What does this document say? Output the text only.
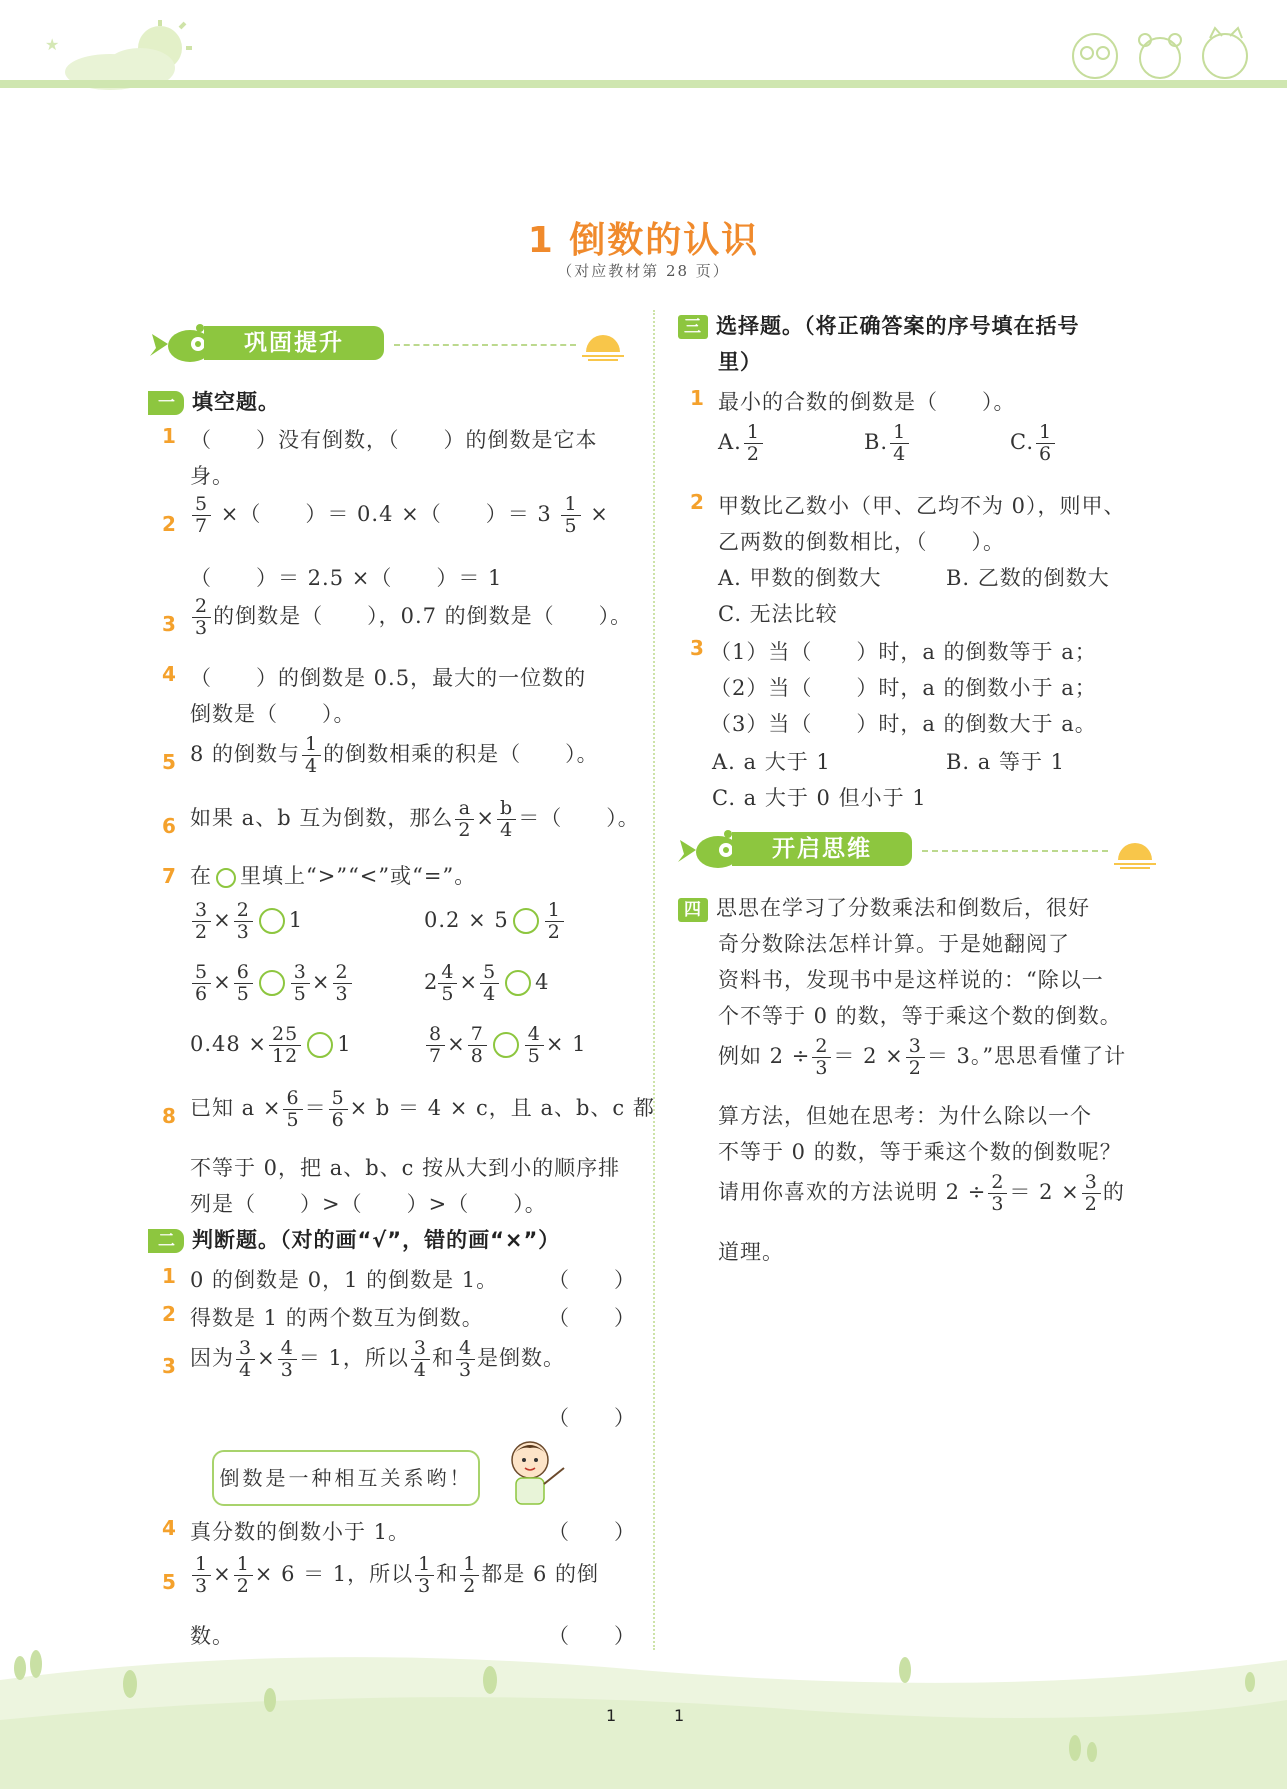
★
1 倒数的认识
（对应教材第 28 页）
巩固提升
一 填空题。
1 （　　）没有倒数，（　　）的倒数是它本
身。
$2 \frac{5}{7}$ ×（　　）＝ 0.4 ×（　　）＝ $3 \frac{1}{5}$ ×
（　　）＝ 2.5 ×（　　）＝ 1
$3 \frac{2}{3}$ 的倒数是（　　），0.7 的倒数是（　　）。
4 （　　）的倒数是 0.5，最大的一位数的
倒数是（　　）。
5 8 的倒数与 $\frac{1}{4}$ 的倒数相乘的积是（　　）。
6 如果 a、b 互为倒数，那么 $\frac{a}{2} \times \frac{b}{4}$ ＝（　　）。
7 在 里填上“>”“<”或“=”。
$\frac{3}{2} \times \frac{2}{3} 1$	$0.2 \times 5 \frac{1}{2}$
$\frac{5}{6} \times \frac{6}{5} \frac{3}{5} \times \frac{2}{3}$	$2 \frac{4}{5} \times \frac{5}{4} 4$
$0.48 \times \frac{25}{12} 1$	$\frac{8}{7} \times \frac{7}{8} \frac{4}{5} \times 1$
8 已知 $a \times \frac{6}{5} = \frac{5}{6} \times b = 4 \times c$，且 a、b、c 都
不等于 0，把 a、b、c 按从大到小的顺序排
列是（　　）>（　　）>（　　）。
二 判断题。（对的画“√”，错的画“×”）
1 0 的倒数是 0，1 的倒数是 1。 （　　）
2 得数是 1 的两个数互为倒数。	（　　）
3 因为 $\frac{3}{4} \times \frac{4}{3} = 1$，所以 $\frac{3}{4}$ 和 $\frac{4}{3}$ 是倒数。
（　　）
倒数是一种相互关系哟！
4 真分数的倒数小于 1。	（　　）
$5 \frac{1}{3} \times \frac{1}{2} \times 6 = 1$，所以 $\frac{1}{3}$ 和 $\frac{1}{2}$ 都是 6 的倒
数。	（　　）
三 选择题。（将正确答案的序号填在括号
里）
1 最小的合数的倒数是（　　）。
A. $\frac{1}{2}$	B. $\frac{1}{4}$	C. $\frac{1}{6}$
2 甲数比乙数小（甲、乙均不为 0），则甲、
乙两数的倒数相比，（　　）。
A. 甲数的倒数大	B. 乙数的倒数大
C. 无法比较
3 （1）当（　　）时，a 的倒数等于 a；
（2）当（　　）时，a 的倒数小于 a；
（3）当（　　）时，a 的倒数大于 a。
A. a 大于 1	B. a 等于 1
C. a 大于 0 但小于 1
开启思维
四 思思在学习了分数乘法和倒数后，很好
奇分数除法怎样计算。于是她翻阅了
资料书，发现书中是这样说的：“除以一
个不等于 0 的数，等于乘这个数的倒数。
例如 $2 \div \frac{2}{3} = 2 \times \frac{3}{2} = 3$。”思思看懂了计
算方法，但她在思考：为什么除以一个
不等于 0 的数，等于乘这个数的倒数呢？
请用你喜欢的方法说明 $2 \div \frac{2}{3} = 2 \times \frac{3}{2}$ 的
道理。
1	1
